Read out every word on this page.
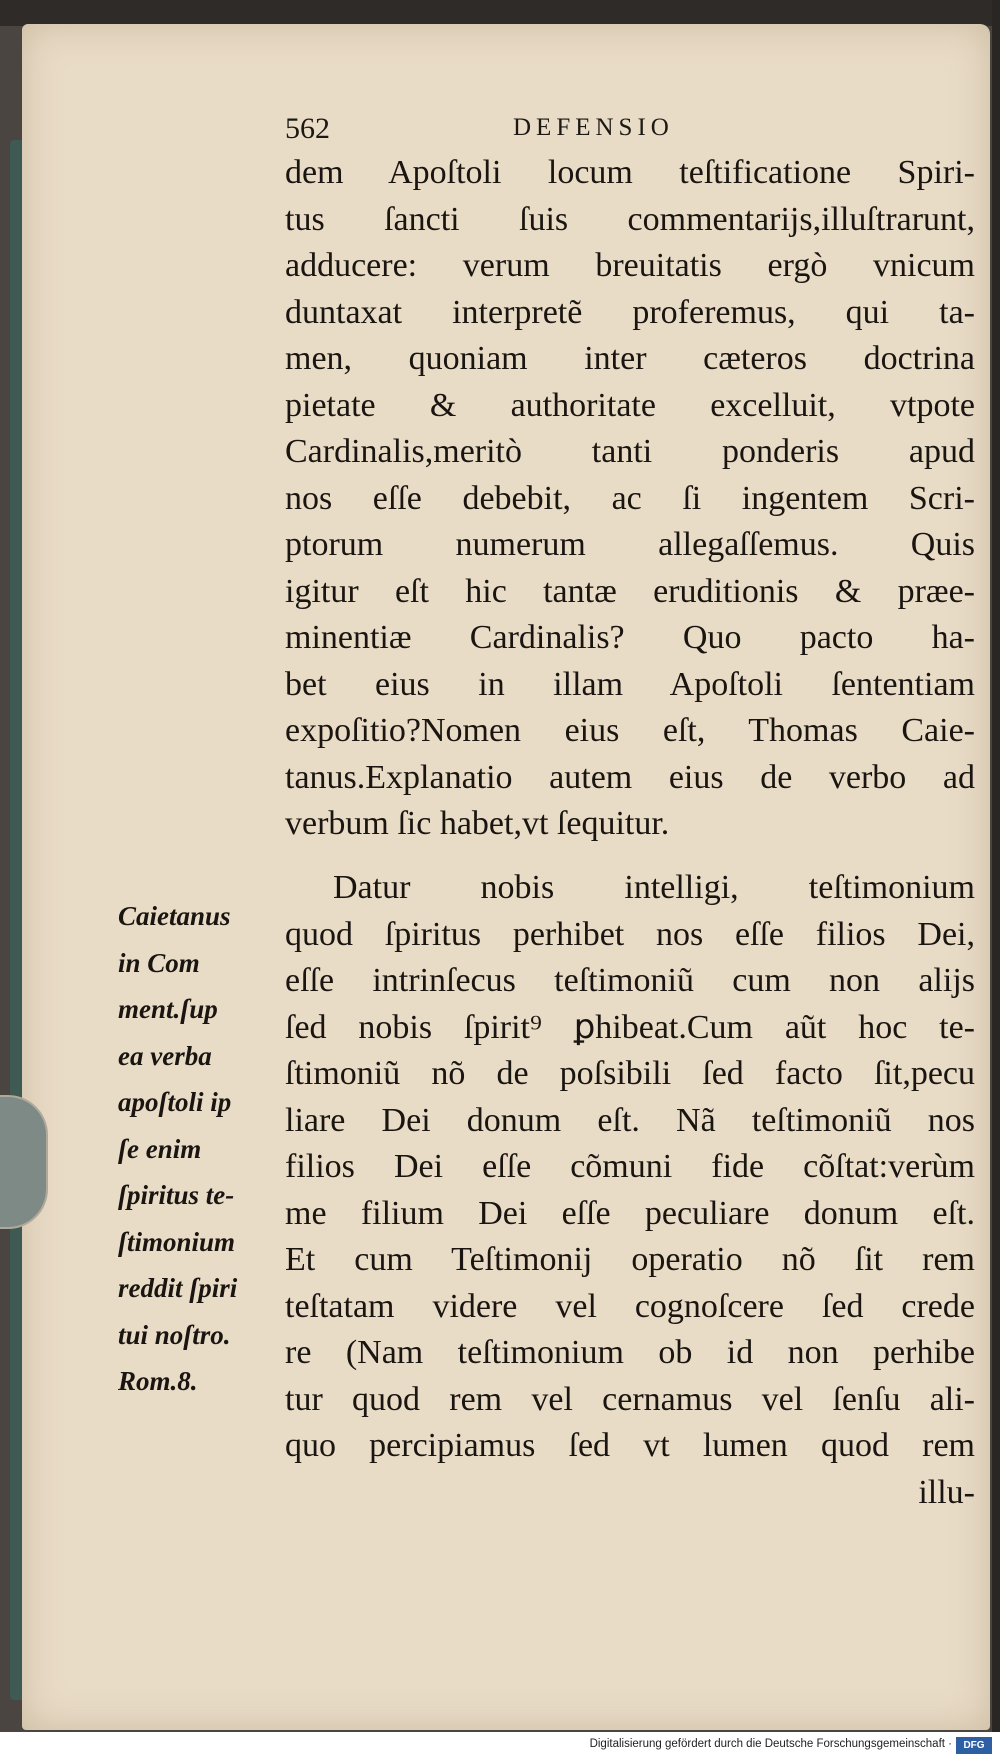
562	DEFENSIO
dem Apoſtoli locum teſtificatione Spiri-
tus ſancti ſuis commentarijs,illuſtrarunt,
adducere: verum breuitatis ergò vnicum
duntaxat interpretẽ proferemus, qui ta-
men, quoniam inter cæteros doctrina
pietate & authoritate excelluit, vtpote
Cardinalis,meritò tanti ponderis apud
nos eſſe debebit, ac ſi ingentem Scri-
ptorum numerum allegaſſemus. Quis
igitur eſt hic tantæ eruditionis & præe-
minentiæ Cardinalis? Quo pacto ha-
bet eius in illam Apoſtoli ſententiam
expoſitio?Nomen eius eſt, Thomas Caie-
tanus.Explanatio autem eius de verbo ad
verbum ſic habet,vt ſequitur.
Datur nobis intelligi, teſtimonium
quod ſpiritus perhibet nos eſſe filios Dei,
eſſe intrinſecus teſtimoniũ cum non alijs
ſed nobis ſpirit⁹ ꝑhibeat.Cum aũt hoc te-
ſtimoniũ nõ de poſsibili ſed facto ſit,pecu
liare Dei donum eſt. Nã teſtimoniũ nos
filios Dei eſſe cõmuni fide cõſtat:verùm
me filium Dei eſſe peculiare donum eſt.
Et cum Teſtimonij operatio nõ ſit rem
teſtatam videre vel cognoſcere ſed crede
re (Nam teſtimonium ob id non perhibe
tur quod rem vel cernamus vel ſenſu ali-
quo percipiamus ſed vt lumen quod rem
illu-
Caietanus
in Com
ment.ſup
ea verba
apoſtoli ip
ſe enim
ſpiritus te-
ſtimonium
reddit ſpiri
tui noſtro.
Rom.8.
Digitalisierung gefördert durch die Deutsche Forschungsgemeinschaft ·	DFG
